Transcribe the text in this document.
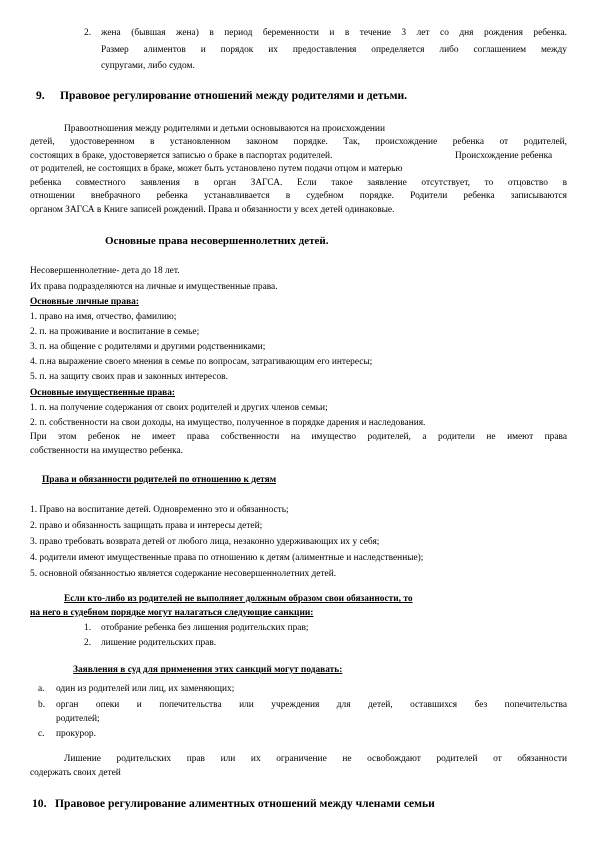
2. жена (бывшая жена) в период беременности и в течение 3 лет со дня рождения ребенка.
Размер алиментов и порядок их предоставления определяется либо соглашением между
супругами, либо судом.
9. Правовое регулирование отношений между родителями и детьми.
Правоотношения между родителями и детьми основываются на происхождении
детей, удостоверенном в установленном законом порядке. Так, происхождение ребенка от родителей,
состоящих в браке, удостоверяется записью о браке в паспортах родителей.	Происхождение ребенка
от родителей, не состоящих в браке, может быть установлено путем подачи отцом и матерью
ребенка совместного заявления в орган ЗАГСА. Если такое заявление отсутствует, то отцовство в
отношении внебрачного ребенка устанавливается в судебном порядке. Родители ребенка записываются
органом ЗАГСА в Книге записей рождений. Права и обязанности у всех детей одинаковые.
Основные права несовершеннолетних детей.
Несовершеннолетние- дета до 18 лет.
Их права подразделяются на личные и имущественные права.
Основные личные права:
1. право на имя, отчество, фамилию;
2. п. на проживание и воспитание в семье;
3. п. на общение с родителями и другими родственниками;
4. п.на выражение своего мнения в семье по вопросам, затрагивающим его интересы;
5. п. на защиту своих прав и законных интересов.
Основные имущественные права:
1. п. на получение содержания от своих родителей и других членов семьи;
2. п. собственности на свои доходы, на имущество, полученное в порядке дарения и наследования.
При этом ребенок не имеет права собственности на имущество родителей, а родители не имеют права
собственности на имущество ребенка.
Права и обязанности родителей по отношению к детям
1. Право на воспитание детей. Одновременно это и обязанность;
2. право и обязанность защищать права и интересы детей;
3. право требовать возврата детей от любого лица, незаконно удерживающих их у себя;
4. родители имеют имущественные права по отношению к детям (алиментные и наследственные);
5. основной обязанностью является содержание несовершеннолетних детей.
Если кто-либо из родителей не выполняет должным образом свои обязанности, то
на него в судебном порядке могут налагаться следующие санкции:
1. отобрание ребенка без лишения родительских прав;
2. лишение родительских прав.
Заявления в суд для применения этих санкций могут подавать:
a. один из родителей или лиц, их заменяющих;
b. орган опеки и попечительства или учреждения для детей, оставшихся без попечительства
родителей;
c. прокурор.
Лишение родительских прав или их ограничение не освобождают родителей от обязанности
содержать своих детей
10. Правовое регулирование алиментных отношений между членами семьи
